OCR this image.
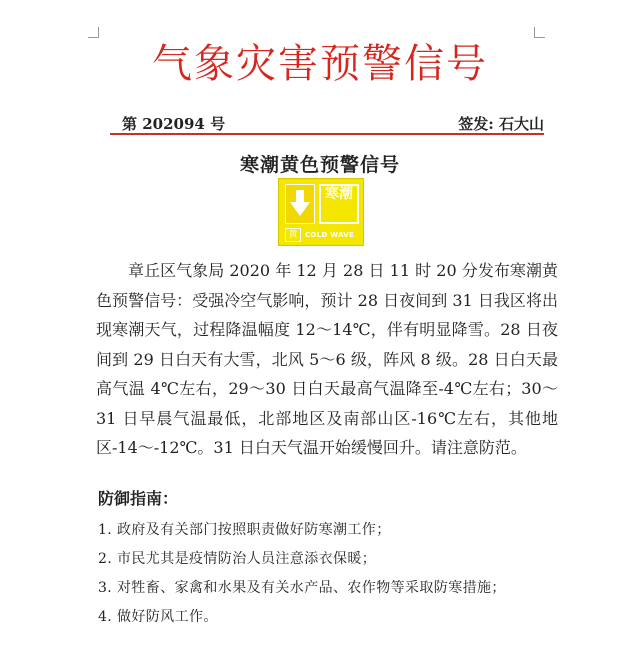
气象灾害预警信号
第 202094 号	签发: 石大山
寒潮黄色预警信号
寒潮
黄	COLD WAVE

章丘区气象局 2020 年 12 月 28 日 11 时 20 分发布寒潮黄色预警信号：受强冷空气影响，预计 28 日夜间到 31 日我区将出现寒潮天气，过程降温幅度 12～14℃，伴有明显降雪。28 日夜间到 29 日白天有大雪，北风 5～6 级，阵风 8 级。28 日白天最高气温 4℃左右，29～30 日白天最高气温降至-4℃左右；30～31 日早晨气温最低，北部地区及南部山区-16℃左右，其他地区-14～-12℃。31 日白天气温开始缓慢回升。请注意防范。

防御指南：
1. 政府及有关部门按照职责做好防寒潮工作；
2. 市民尤其是疫情防治人员注意添衣保暖；
3. 对牲畜、家禽和水果及有关水产品、农作物等采取防寒措施；
4. 做好防风工作。
